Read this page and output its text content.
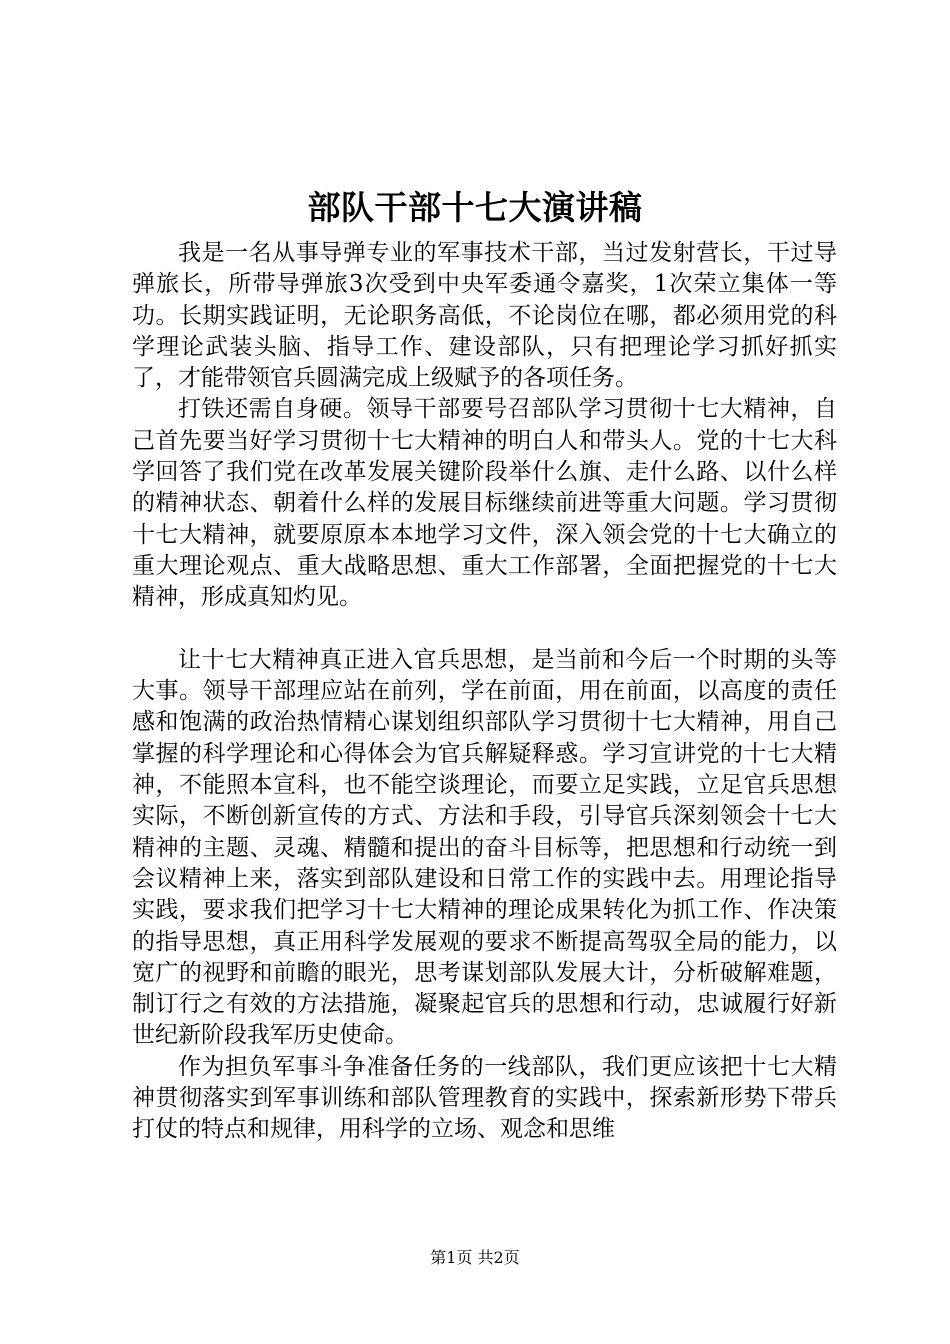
部队干部十七大演讲稿

我是一名从事导弹专业的军事技术干部，当过发射营长，干过导弹旅长，所带导弹旅3次受到中央军委通令嘉奖，1次荣立集体一等功。长期实践证明，无论职务高低，不论岗位在哪，都必须用党的科学理论武装头脑、指导工作、建设部队，只有把理论学习抓好抓实了，才能带领官兵圆满完成上级赋予的各项任务。

打铁还需自身硬。领导干部要号召部队学习贯彻十七大精神，自己首先要当好学习贯彻十七大精神的明白人和带头人。党的十七大科学回答了我们党在改革发展关键阶段举什么旗、走什么路、以什么样的精神状态、朝着什么样的发展目标继续前进等重大问题。学习贯彻十七大精神，就要原原本本地学习文件，深入领会党的十七大确立的重大理论观点、重大战略思想、重大工作部署，全面把握党的十七大精神，形成真知灼见。

让十七大精神真正进入官兵思想，是当前和今后一个时期的头等大事。领导干部理应站在前列，学在前面，用在前面，以高度的责任感和饱满的政治热情精心谋划组织部队学习贯彻十七大精神，用自己掌握的科学理论和心得体会为官兵解疑释惑。学习宣讲党的十七大精神，不能照本宣科，也不能空谈理论，而要立足实践，立足官兵思想实际，不断创新宣传的方式、方法和手段，引导官兵深刻领会十七大精神的主题、灵魂、精髓和提出的奋斗目标等，把思想和行动统一到会议精神上来，落实到部队建设和日常工作的实践中去。用理论指导实践，要求我们把学习十七大精神的理论成果转化为抓工作、作决策的指导思想，真正用科学发展观的要求不断提高驾驭全局的能力，以宽广的视野和前瞻的眼光，思考谋划部队发展大计，分析破解难题，制订行之有效的方法措施，凝聚起官兵的思想和行动，忠诚履行好新世纪新阶段我军历史使命。

作为担负军事斗争准备任务的一线部队，我们更应该把十七大精神贯彻落实到军事训练和部队管理教育的实践中，探索新形势下带兵打仗的特点和规律，用科学的立场、观念和思维

第1页 共2页
